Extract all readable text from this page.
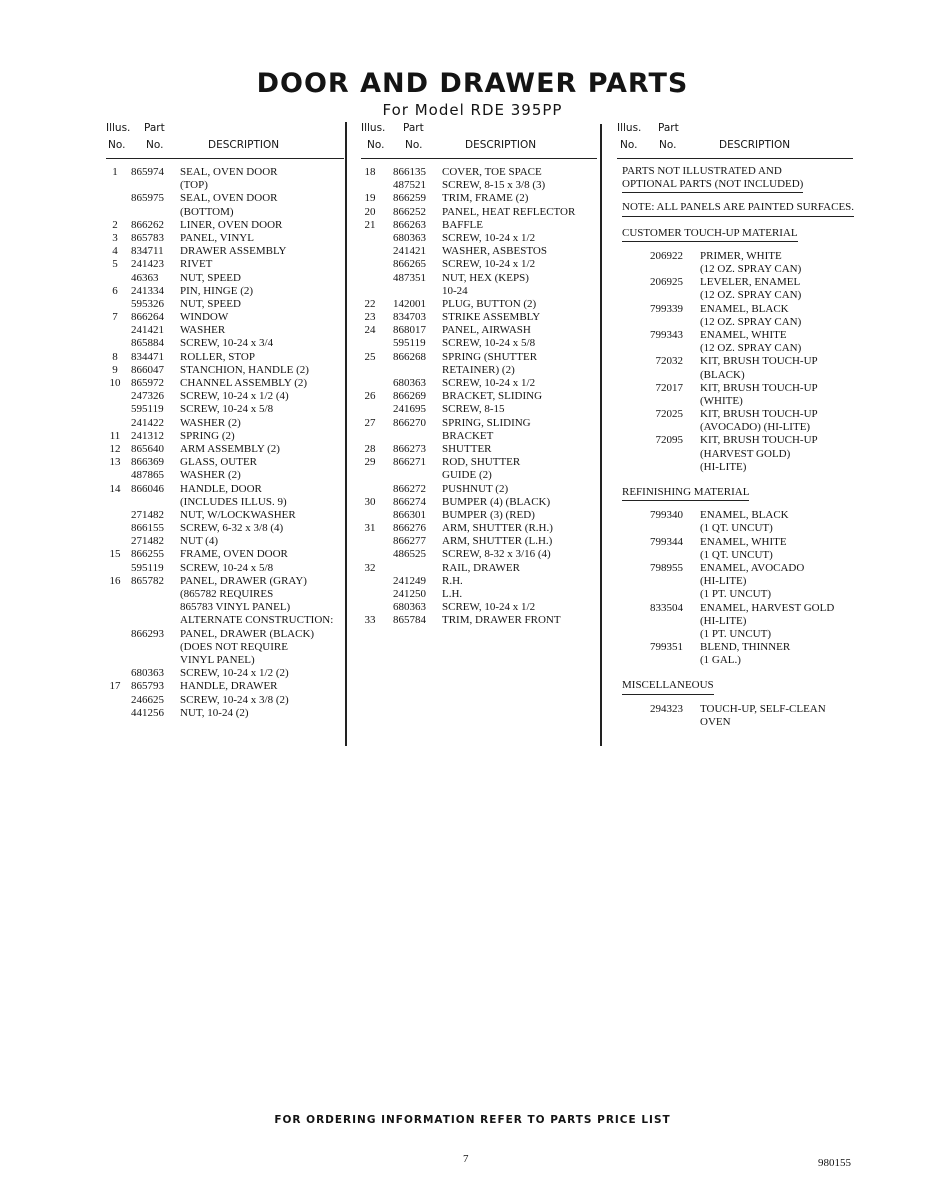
DOOR AND DRAWER PARTS
For Model RDE 395PP
Illus. Part
No. No.	DESCRIPTION
1	865974 SEAL, OVEN DOOR
(TOP)
865975 SEAL, OVEN DOOR
(BOTTOM)
2	866262 LINER, OVEN DOOR
3	865783 PANEL, VINYL
4	834711 DRAWER ASSEMBLY
5	241423 RIVET
46363 NUT, SPEED
6	241334 PIN, HINGE (2)
595326 NUT, SPEED
7	866264 WINDOW
241421 WASHER
865884 SCREW, 10-24 x 3/4
8	834471 ROLLER, STOP
9	866047 STANCHION, HANDLE (2)
10 865972 CHANNEL ASSEMBLY (2)
247326 SCREW, 10-24 x 1/2 (4)
595119 SCREW, 10-24 x 5/8
241422 WASHER (2)
11 241312 SPRING (2)
12 865640 ARM ASSEMBLY (2)
13 866369 GLASS, OUTER
487865 WASHER (2)
14 866046 HANDLE, DOOR
(INCLUDES ILLUS. 9)
271482 NUT, W/LOCKWASHER
866155 SCREW, 6-32 x 3/8 (4)
271482 NUT (4)
15 866255 FRAME, OVEN DOOR
595119 SCREW, 10-24 x 5/8
16 865782 PANEL, DRAWER (GRAY)
(865782 REQUIRES
865783 VINYL PANEL)
ALTERNATE CONSTRUCTION:
866293 PANEL, DRAWER (BLACK)
(DOES NOT REQUIRE
VINYL PANEL)
680363 SCREW, 10-24 x 1/2 (2)
17 865793 HANDLE, DRAWER
246625 SCREW, 10-24 x 3/8 (2)
441256 NUT, 10-24 (2)
Illus. Part
No. No.	DESCRIPTION
18	866135 COVER, TOE SPACE
487521 SCREW, 8-15 x 3/8 (3)
19	866259 TRIM, FRAME (2)
20	866252 PANEL, HEAT REFLECTOR
21	866263 BAFFLE
680363 SCREW, 10-24 x 1/2
241421 WASHER, ASBESTOS
866265 SCREW, 10-24 x 1/2
487351 NUT, HEX (KEPS)
10-24
22	142001 PLUG, BUTTON (2)
23	834703 STRIKE ASSEMBLY
24	868017 PANEL, AIRWASH
595119 SCREW, 10-24 x 5/8
25	866268 SPRING (SHUTTER
RETAINER) (2)
680363 SCREW, 10-24 x 1/2
26	866269 BRACKET, SLIDING
241695 SCREW, 8-15
27	866270 SPRING, SLIDING
BRACKET
28	866273 SHUTTER
29	866271 ROD, SHUTTER
GUIDE (2)
866272 PUSHNUT (2)
30	866274 BUMPER (4) (BLACK)
866301 BUMPER (3) (RED)
31	866276 ARM, SHUTTER (R.H.)
866277 ARM, SHUTTER (L.H.)
486525 SCREW, 8-32 x 3/16 (4)
32	RAIL, DRAWER
241249 R.H.
241250 L.H.
680363 SCREW, 10-24 x 1/2
33	865784 TRIM, DRAWER FRONT
Illus. Part
No. No.	DESCRIPTION
PARTS NOT ILLUSTRATED AND
OPTIONAL PARTS (NOT INCLUDED)
NOTE: ALL PANELS ARE PAINTED SURFACES.
CUSTOMER TOUCH-UP MATERIAL
206922 PRIMER, WHITE
(12 OZ. SPRAY CAN)
206925 LEVELER, ENAMEL
(12 OZ. SPRAY CAN)
799339 ENAMEL, BLACK
(12 OZ. SPRAY CAN)
799343 ENAMEL, WHITE
(12 OZ. SPRAY CAN)
72032 KIT, BRUSH TOUCH-UP
(BLACK)
72017 KIT, BRUSH TOUCH-UP
(WHITE)
72025 KIT, BRUSH TOUCH-UP
(AVOCADO) (HI-LITE)
72095 KIT, BRUSH TOUCH-UP
(HARVEST GOLD)
(HI-LITE)
REFINISHING MATERIAL
799340 ENAMEL, BLACK
(1 QT. UNCUT)
799344 ENAMEL, WHITE
(1 QT. UNCUT)
798955 ENAMEL, AVOCADO
(HI-LITE)
(1 PT. UNCUT)
833504 ENAMEL, HARVEST GOLD
(HI-LITE)
(1 PT. UNCUT)
799351 BLEND, THINNER
(1 GAL.)
MISCELLANEOUS
294323 TOUCH-UP, SELF-CLEAN
OVEN
FOR ORDERING INFORMATION REFER TO PARTS PRICE LIST
7	980155
